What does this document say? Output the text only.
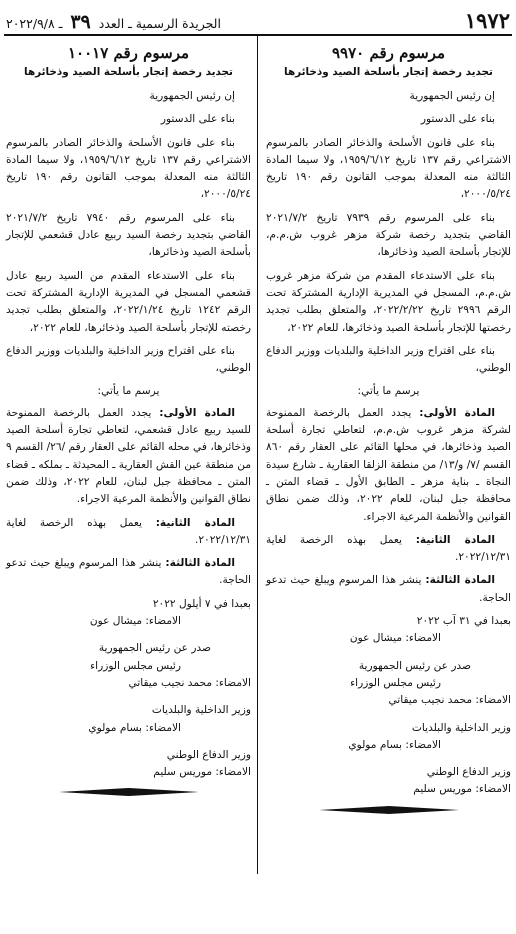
١٩٧٢
الجريدة الرسمية ـ العدد ٣٩ ـ ٢٠٢٢/٩/٨
مرسوم رقم ٩٩٧٠
تجديد رخصة إتجار بأسلحة الصيد وذخائرها

إن رئيس الجمهورية

بناء على الدستور

بناء على قانون الأسلحة والذخائر الصادر بالمرسوم الاشتراعي رقم ١٣٧ تاريخ ١٩٥٩/٦/١٢، ولا سيما المادة الثالثة منه المعدلة بموجب القانون رقم ١٩٠ تاريخ ٢٠٠٠/٥/٢٤،

بناء على المرسوم رقم ٧٩٣٩ تاريخ ٢٠٢١/٧/٢ القاضي بتجديد رخصة شركة مزهر غروب ش.م.م، للإتجار بأسلحة الصيد وذخائرها،

بناء على الاستدعاء المقدم من شركة مزهر غروب ش.م.م، المسجل في المديرية الإدارية المشتركة تحت الرقم ٢٩٩٦ تاريخ ٢٠٢٢/٢/٢٢، والمتعلق بطلب تجديد رخصتها للإتجار بأسلحة الصيد وذخائرها، للعام ٢٠٢٢،

بناء على اقتراح وزير الداخلية والبلديات ووزير الدفاع الوطني،

يرسم ما يأتي:

المادة الأولى: يجدد العمل بالرخصة الممنوحة لشركة مزهر غروب ش.م.م، لتعاطي تجارة أسلحة الصيد وذخائرها، في محلها القائم على العقار رقم ٨٦٠ القسم /٧/ و/١٣/ من منطقة الزلقا العقارية ـ شارع سيدة النجاة ـ بناية مزهر ـ الطابق الأول ـ قضاء المتن ـ محافظة جبل لبنان، للعام ٢٠٢٢، وذلك ضمن نطاق القوانين والأنظمة المرعية الاجراء.

المادة الثانية: يعمل بهذه الرخصة لغاية ٢٠٢٢/١٢/٣١.

المادة الثالثة: ينشر هذا المرسوم ويبلغ حيث تدعو الحاجة.

بعبدا في ٣١ آب ٢٠٢٢
الامضاء: ميشال عون
صدر عن رئيس الجمهورية
رئيس مجلس الوزراء
الامضاء: محمد نجيب ميقاتي
وزير الداخلية والبلديات
الامضاء: بسام مولوي
وزير الدفاع الوطني
الامضاء: موريس سليم
مرسوم رقم ١٠٠١٧
تجديد رخصة إتجار بأسلحة الصيد وذخائرها

إن رئيس الجمهورية

بناء على الدستور

بناء على قانون الأسلحة والذخائر الصادر بالمرسوم الاشتراعي رقم ١٣٧ تاريخ ١٩٥٩/٦/١٢، ولا سيما المادة الثالثة منه المعدلة بموجب القانون رقم ١٩٠ تاريخ ٢٠٠٠/٥/٢٤،

بناء على المرسوم رقم ٧٩٤٠ تاريخ ٢٠٢١/٧/٢ القاضي بتجديد رخصة السيد ربيع عادل قشعمي للإتجار بأسلحة الصيد وذخائرها،

بناء على الاستدعاء المقدم من السيد ربيع عادل قشعمي المسجل في المديرية الإدارية المشتركة تحت الرقم ١٢٤٢ تاريخ ٢٠٢٢/١/٢٤، والمتعلق بطلب تجديد رخصته للإتجار بأسلحة الصيد وذخائرها، للعام ٢٠٢٢،

بناء على اقتراح وزير الداخلية والبلديات ووزير الدفاع الوطني،

يرسم ما يأتي:

المادة الأولى: يجدد العمل بالرخصة الممنوحة للسيد ربيع عادل قشعمي، لتعاطي تجارة أسلحة الصيد وذخائرها، في محله القائم على العقار رقم /٢٦/ القسم ٩ من منطقة عين القش العقارية ـ المحيدثة ـ بملكه ـ قضاء المتن ـ محافظة جبل لبنان، للعام ٢٠٢٢، وذلك ضمن نطاق القوانين والأنظمة المرعية الاجراء.

المادة الثانية: يعمل بهذه الرخصة لغاية ٢٠٢٢/١٢/٣١.

المادة الثالثة: ينشر هذا المرسوم ويبلغ حيث تدعو الحاجة.

بعبدا في ٧ أيلول ٢٠٢٢
الامضاء: ميشال عون
صدر عن رئيس الجمهورية
رئيس مجلس الوزراء
الامضاء: محمد نجيب ميقاتي
وزير الداخلية والبلديات
الامضاء: بسام مولوي
وزير الدفاع الوطني
الامضاء: موريس سليم
